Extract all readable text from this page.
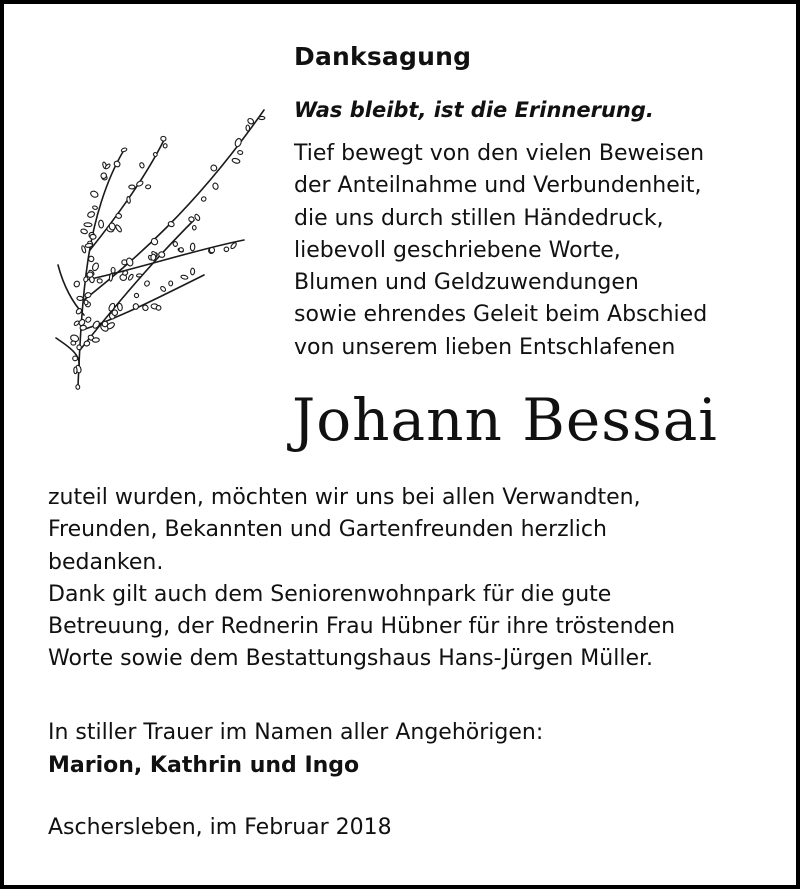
Danksagung
Was bleibt, ist die Erinnerung.
Tief bewegt von den vielen Beweisen
der Anteilnahme und Verbundenheit,
die uns durch stillen Händedruck,
liebevoll geschriebene Worte,
Blumen und Geldzuwendungen
sowie ehrendes Geleit beim Abschied
von unserem lieben Entschlafenen
Johann Bessai
zuteil wurden, möchten wir uns bei allen Verwandten,
Freunden, Bekannten und Gartenfreunden herzlich
bedanken.
Dank gilt auch dem Seniorenwohnpark für die gute
Betreuung, der Rednerin Frau Hübner für ihre tröstenden
Worte sowie dem Bestattungshaus Hans-Jürgen Müller.
In stiller Trauer im Namen aller Angehörigen:
Marion, Kathrin und Ingo
Aschersleben, im Februar 2018
